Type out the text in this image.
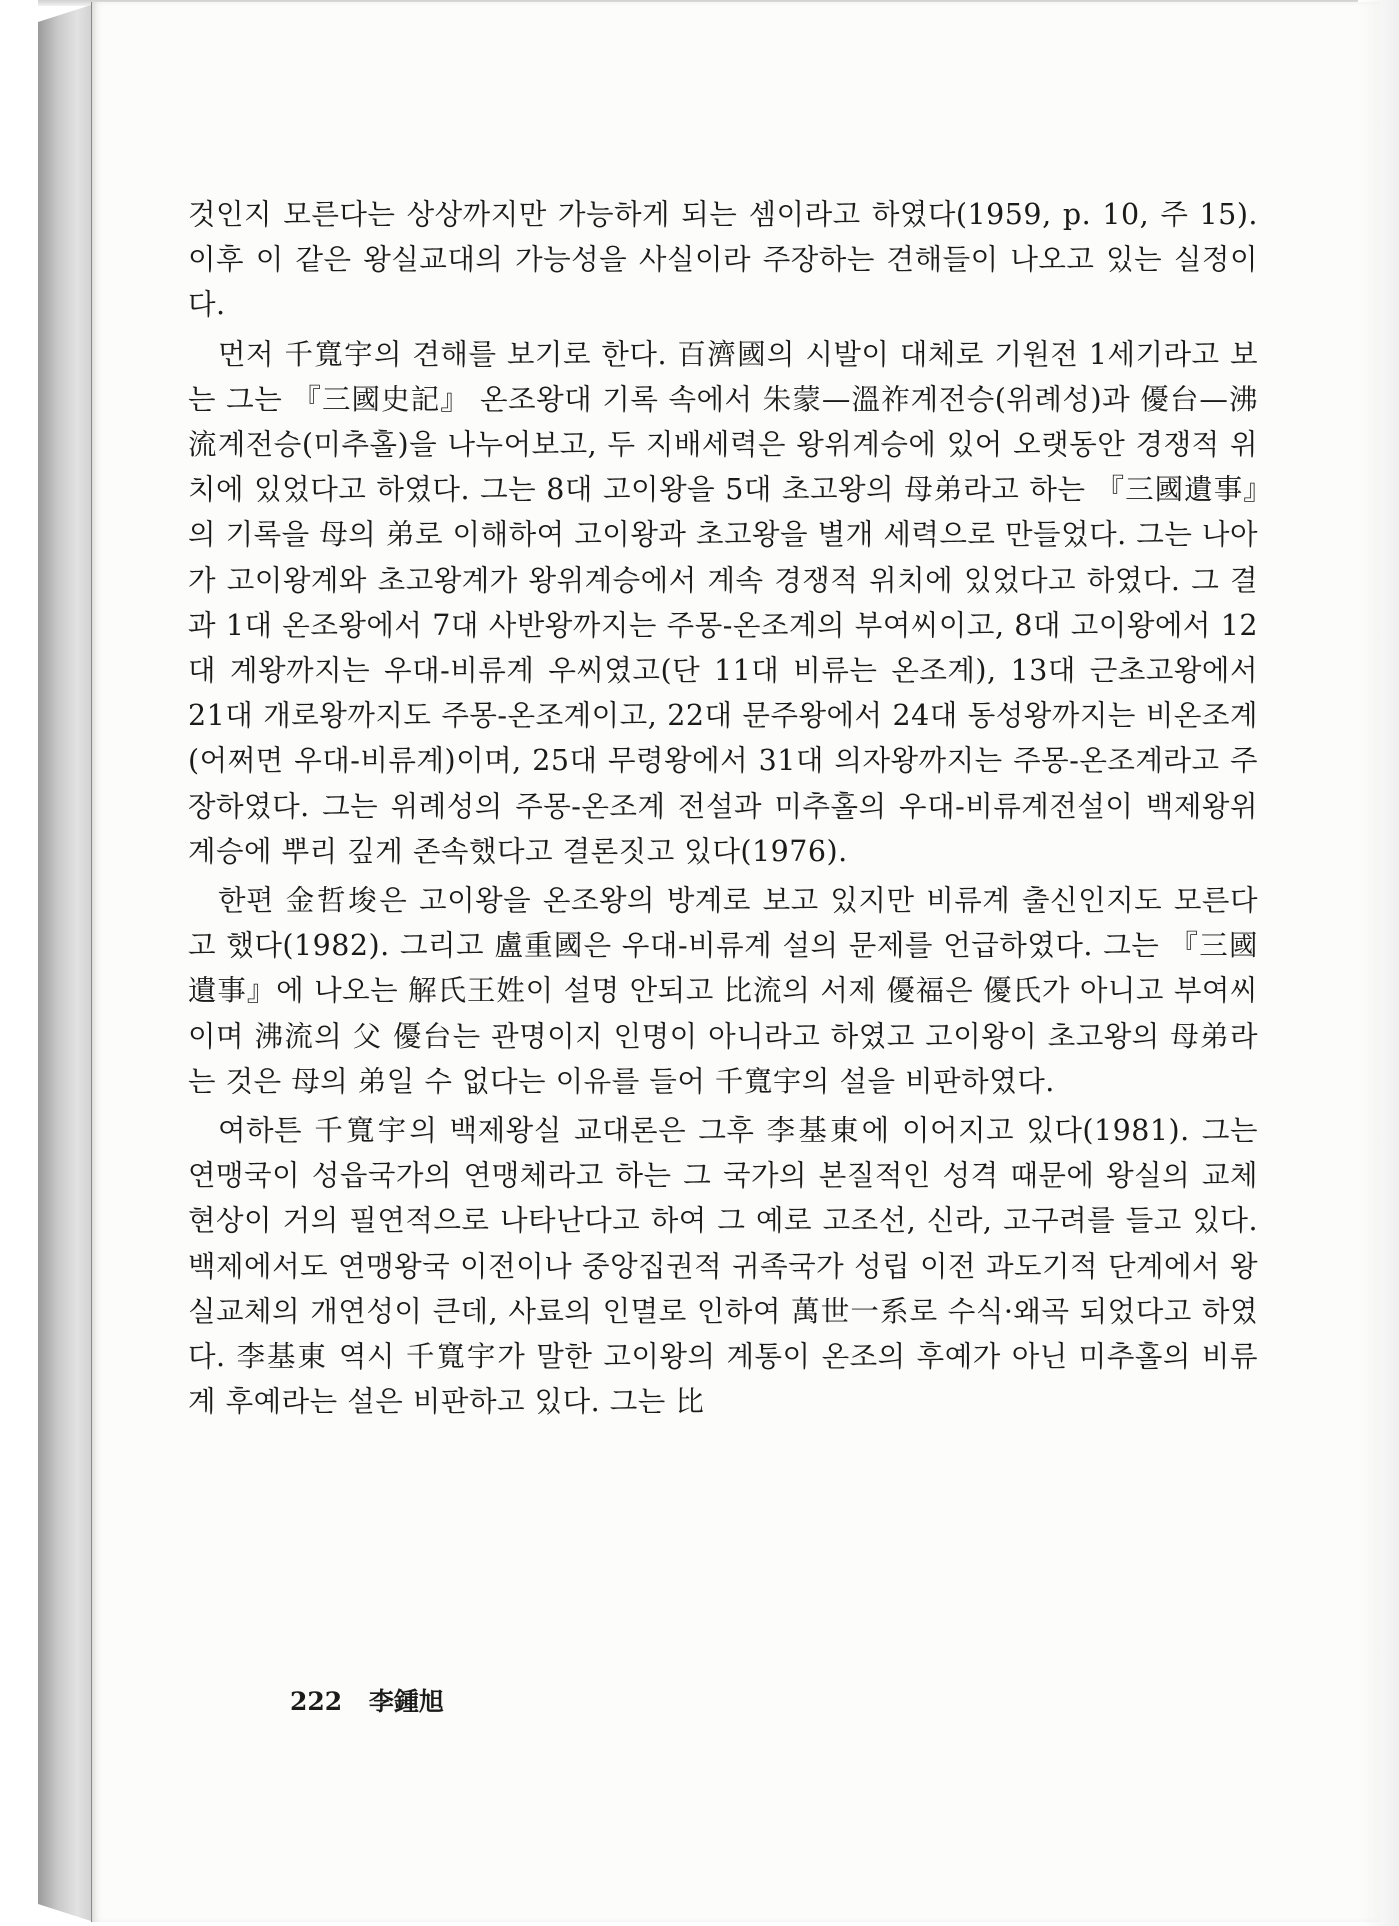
것인지 모른다는 상상까지만 가능하게 되는 셈이라고 하였다(1959, p. 10, 주 15). 이후 이 같은 왕실교대의 가능성을 사실이라 주장하는 견해들이 나오고 있는 실정이다.

먼저 千寬宇의 견해를 보기로 한다. 百濟國의 시발이 대체로 기원전 1세기라고 보는 그는 『三國史記』 온조왕대 기록 속에서 朱蒙—溫祚계전승(위례성)과 優台—沸流계전승(미추홀)을 나누어보고, 두 지배세력은 왕위계승에 있어 오랫동안 경쟁적 위치에 있었다고 하였다. 그는 8대 고이왕을 5대 초고왕의 母弟라고 하는 『三國遺事』의 기록을 母의 弟로 이해하여 고이왕과 초고왕을 별개 세력으로 만들었다. 그는 나아가 고이왕계와 초고왕계가 왕위계승에서 계속 경쟁적 위치에 있었다고 하였다. 그 결과 1대 온조왕에서 7대 사반왕까지는 주몽-온조계의 부여씨이고, 8대 고이왕에서 12대 계왕까지는 우대-비류계 우씨였고(단 11대 비류는 온조계), 13대 근초고왕에서 21대 개로왕까지도 주몽-온조계이고, 22대 문주왕에서 24대 동성왕까지는 비온조계(어쩌면 우대-비류계)이며, 25대 무령왕에서 31대 의자왕까지는 주몽-온조계라고 주장하였다. 그는 위례성의 주몽-온조계 전설과 미추홀의 우대-비류계전설이 백제왕위계승에 뿌리 깊게 존속했다고 결론짓고 있다(1976).

한편 金哲埈은 고이왕을 온조왕의 방계로 보고 있지만 비류계 출신인지도 모른다고 했다(1982). 그리고 盧重國은 우대-비류계 설의 문제를 언급하였다. 그는 『三國遺事』에 나오는 解氏王姓이 설명 안되고 比流의 서제 優福은 優氏가 아니고 부여씨이며 沸流의 父 優台는 관명이지 인명이 아니라고 하였고 고이왕이 초고왕의 母弟라는 것은 母의 弟일 수 없다는 이유를 들어 千寬宇의 설을 비판하였다.

여하튼 千寬宇의 백제왕실 교대론은 그후 李基東에 이어지고 있다(1981). 그는 연맹국이 성읍국가의 연맹체라고 하는 그 국가의 본질적인 성격 때문에 왕실의 교체현상이 거의 필연적으로 나타난다고 하여 그 예로 고조선, 신라, 고구려를 들고 있다. 백제에서도 연맹왕국 이전이나 중앙집권적 귀족국가 성립 이전 과도기적 단계에서 왕실교체의 개연성이 큰데, 사료의 인멸로 인하여 萬世一系로 수식·왜곡 되었다고 하였다. 李基東 역시 千寬宇가 말한 고이왕의 계통이 온조의 후예가 아닌 미추홀의 비류계 후예라는 설은 비판하고 있다. 그는 比

222 李鍾旭
